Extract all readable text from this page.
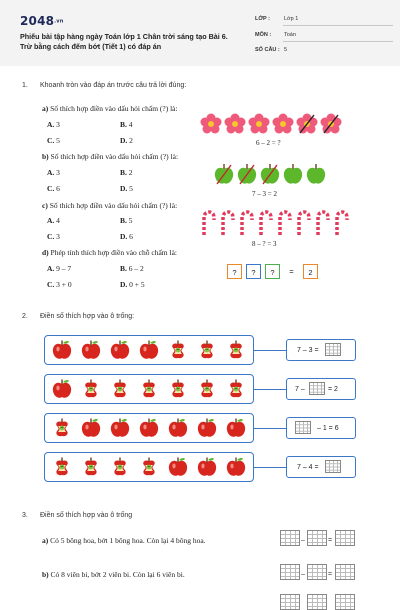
2048.vn
Phiếu bài tập hàng ngày Toán lớp 1 Chân trời sáng tạo Bài 6. Trừ bằng cách đếm bớt (Tiết 1) có đáp án
LỚP :	Lớp 1
MÔN : Toán
SỐ CÂU : 5
1. Khoanh tròn vào đáp án trước câu trả lời đúng:
a) Số thích hợp điền vào dấu hỏi chấm (?) là:
A. 3	B. 4
C. 5	D. 2	6 – 2 = ?
b) Số thích hợp điền vào dấu hỏi chấm (?) là:
A. 3	B. 2
C. 6	D. 5
7 – 3 = 2
c) Số thích hợp điền vào dấu hỏi chấm (?) là:
A. 4	B. 5
C. 3	D. 6
8 – ? = 3
d) Phép tính thích hợp điền vào chỗ chấm là:
A. 9 – 7	B. 6 – 2
C. 3 + 0	D. 0 + 5
?	?	?	=	2
2. Điền số thích hợp vào ô trống:
7 – 3 =
7 –	= 2
– 1 = 6
7 – 4 =
3. Điền số thích hợp vào ô trống
a) Có 5 bông hoa, bớt 1 bông hoa. Còn lại 4 bông hoa.	–	=
b) Có 8 viên bi, bớt 2 viên bi. Còn lại 6 viên bi.	–	=
